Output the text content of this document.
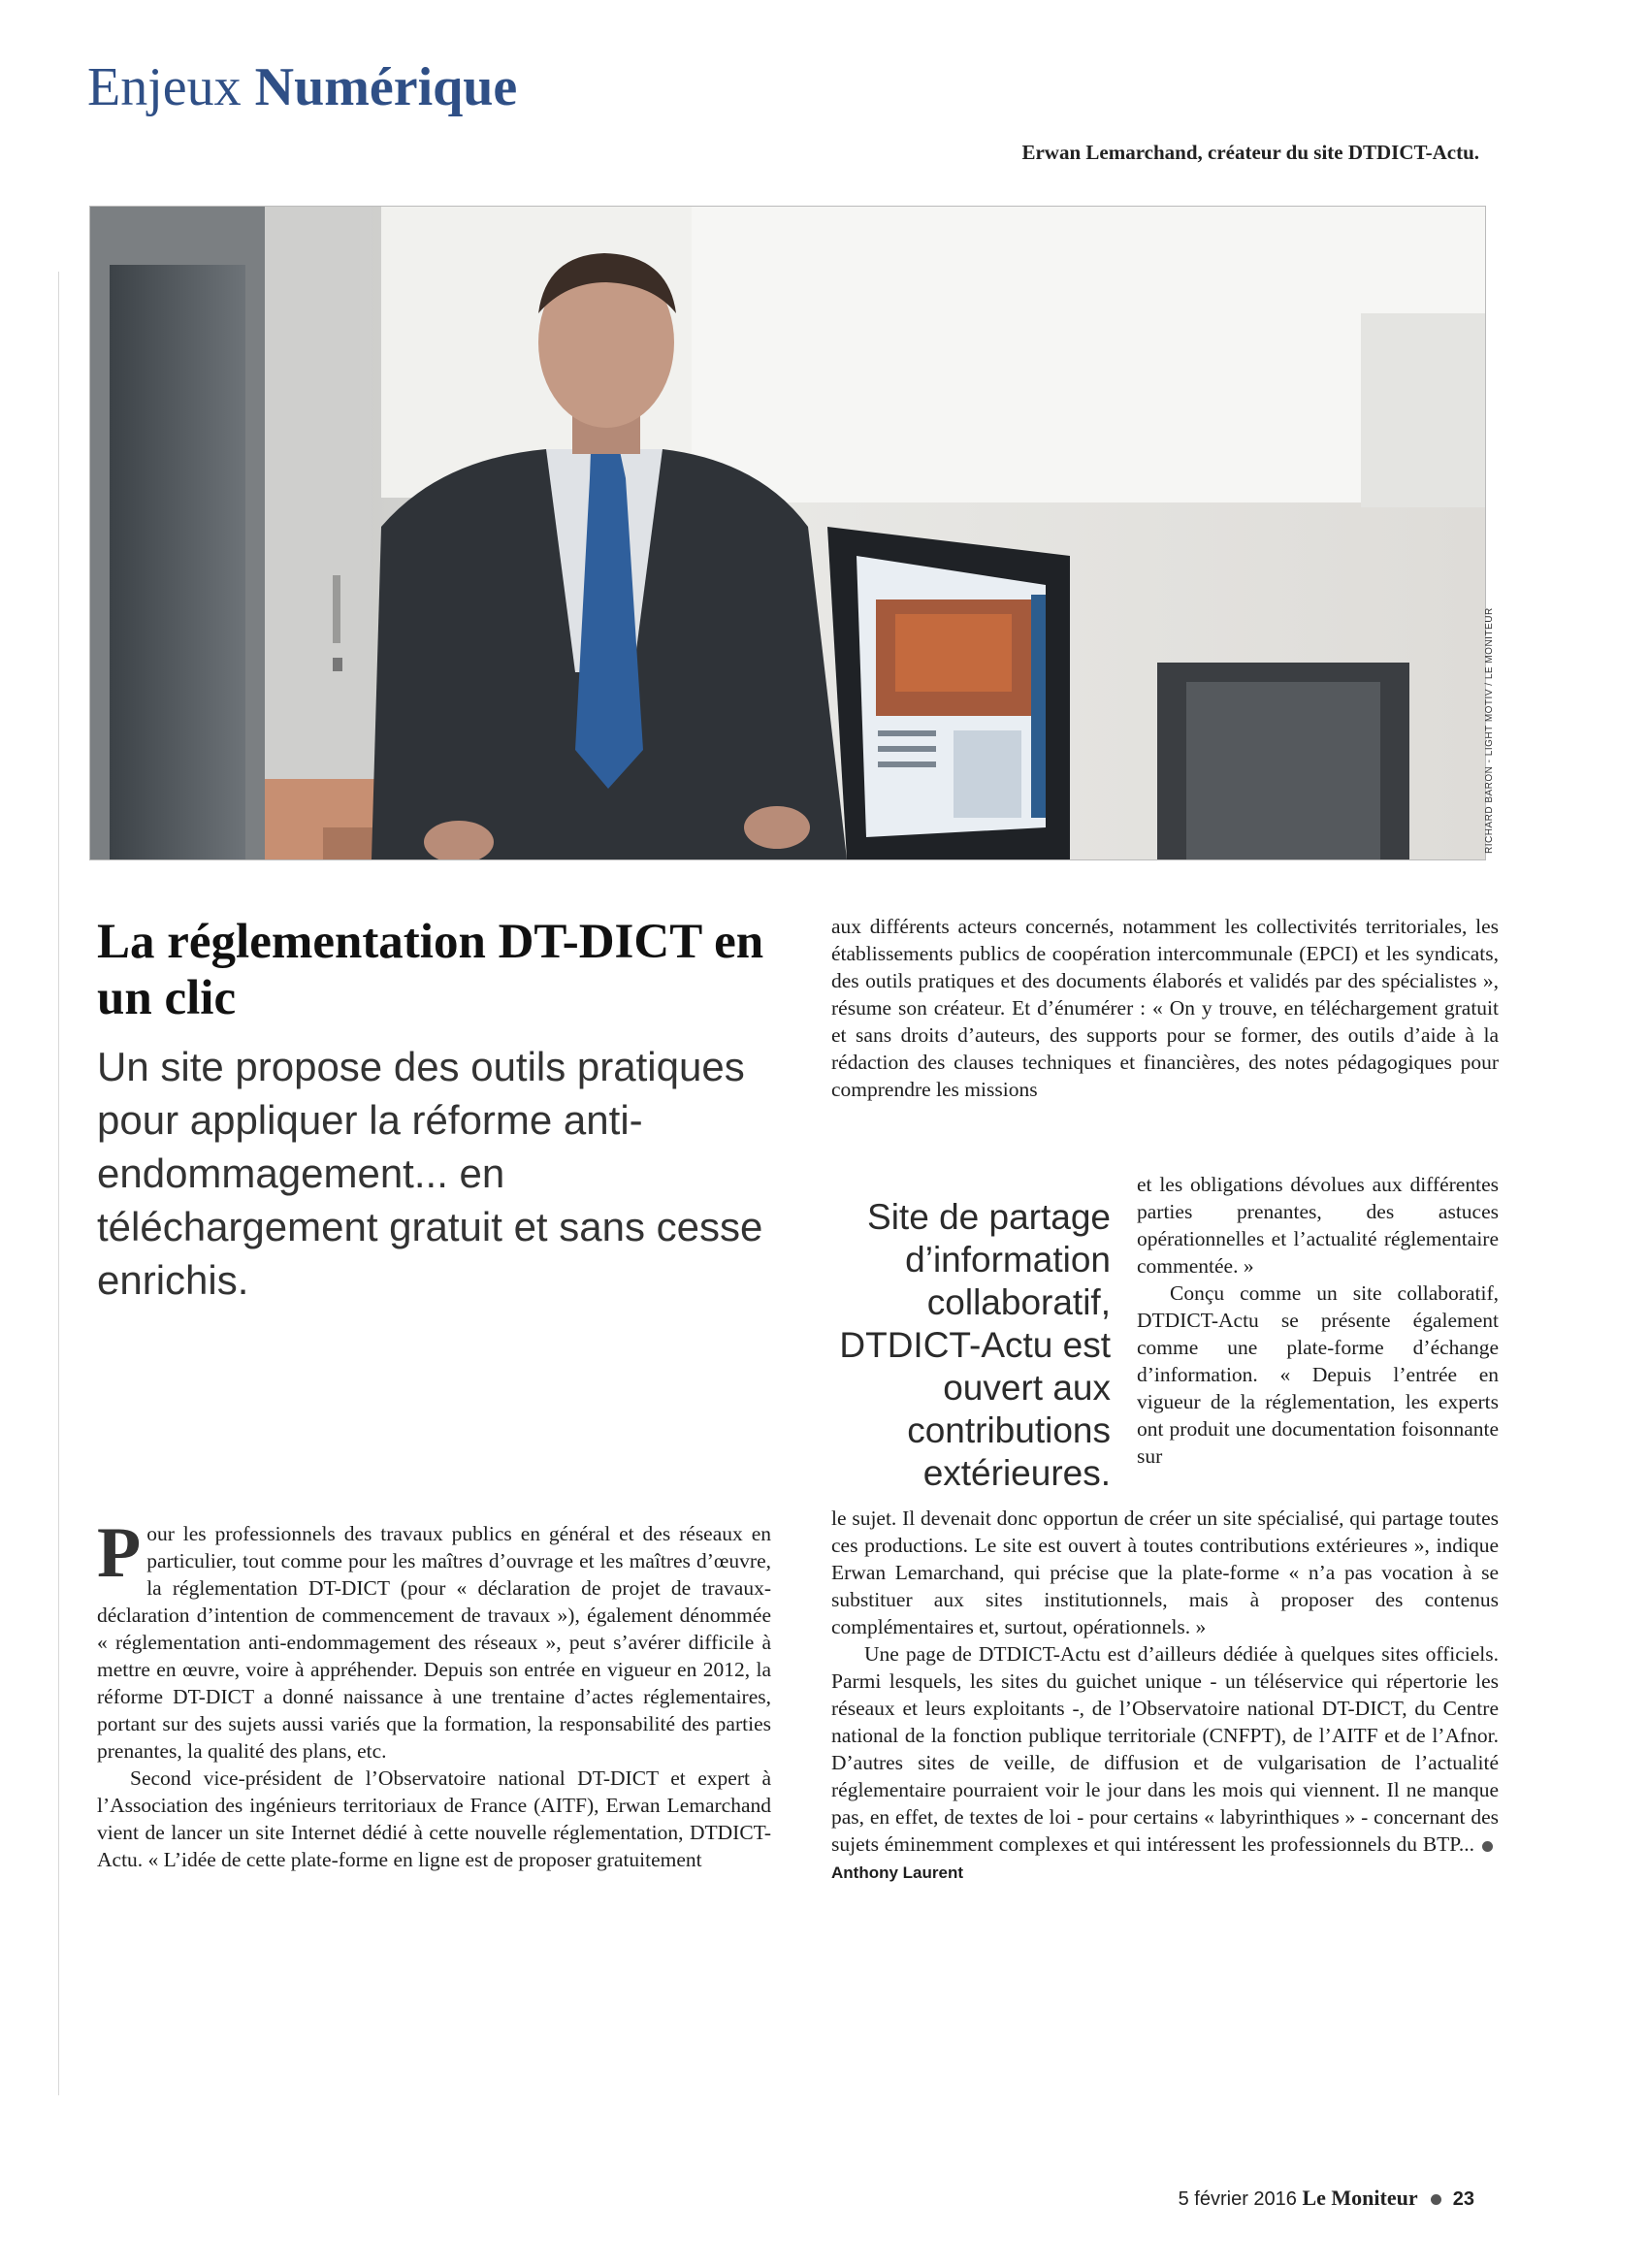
Enjeux Numérique
Erwan Lemarchand, créateur du site DTDICT-Actu.
RICHARD BARON - LIGHT MOTIV / LE MONITEUR
La réglementation DT-DICT en un clic
Un site propose des outils pratiques pour appliquer la réforme anti-endommagement... en téléchargement gratuit et sans cesse enrichis.
Site de partage d’information collaboratif, DTDICT-Actu est ouvert aux contributions extérieures.

Pour les professionnels des travaux publics en général et des réseaux en particulier, tout comme pour les maîtres d’ouvrage et les maîtres d’œuvre, la réglementation DT-DICT (pour « déclaration de projet de travaux-déclaration d’intention de commencement de travaux »), également dénommée « réglementation anti-endommagement des réseaux », peut s’avérer difficile à mettre en œuvre, voire à appréhender. Depuis son entrée en vigueur en 2012, la réforme DT-DICT a donné naissance à une trentaine d’actes réglementaires, portant sur des sujets aussi variés que la formation, la responsabilité des parties prenantes, la qualité des plans, etc.

Second vice-président de l’Observatoire national DT-DICT et expert à l’Association des ingénieurs territoriaux de France (AITF), Erwan Lemarchand vient de lancer un site Internet dédié à cette nouvelle réglementation, DTDICT-Actu. « L’idée de cette plate-forme en ligne est de proposer gratuitement

aux différents acteurs concernés, notamment les collectivités territoriales, les établissements publics de coopération intercommunale (EPCI) et les syndicats, des outils pratiques et des documents élaborés et validés par des spécialistes », résume son créateur. Et d’énumérer : « On y trouve, en téléchargement gratuit et sans droits d’auteurs, des supports pour se former, des outils d’aide à la rédaction des clauses techniques et financières, des notes pédagogiques pour comprendre les missions

et les obligations dévolues aux différentes parties prenantes, des astuces opérationnelles et l’actualité réglementaire commentée. »

Conçu comme un site collaboratif, DTDICT-Actu se présente également comme une plate-forme d’échange d’information. « Depuis l’entrée en vigueur de la réglementation, les experts ont produit une documentation foisonnante sur

le sujet. Il devenait donc opportun de créer un site spécialisé, qui partage toutes ces productions. Le site est ouvert à toutes contributions extérieures », indique Erwan Lemarchand, qui précise que la plate-forme « n’a pas vocation à se substituer aux sites institutionnels, mais à proposer des contenus complémentaires et, surtout, opérationnels. »

Une page de DTDICT-Actu est d’ailleurs dédiée à quelques sites officiels. Parmi lesquels, les sites du guichet unique - un téléservice qui répertorie les réseaux et leurs exploitants -, de l’Observatoire national DT-DICT, du Centre national de la fonction publique territoriale (CNFPT), de l’AITF et de l’Afnor. D’autres sites de veille, de diffusion et de vulgarisation de l’actualité réglementaire pourraient voir le jour dans les mois qui viennent. Il ne manque pas, en effet, de textes de loi - pour certains « labyrinthiques » - concernant des sujets éminemment complexes et qui intéressent les professionnels du BTP...Anthony Laurent

5 février 2016 Le Moniteur 23
